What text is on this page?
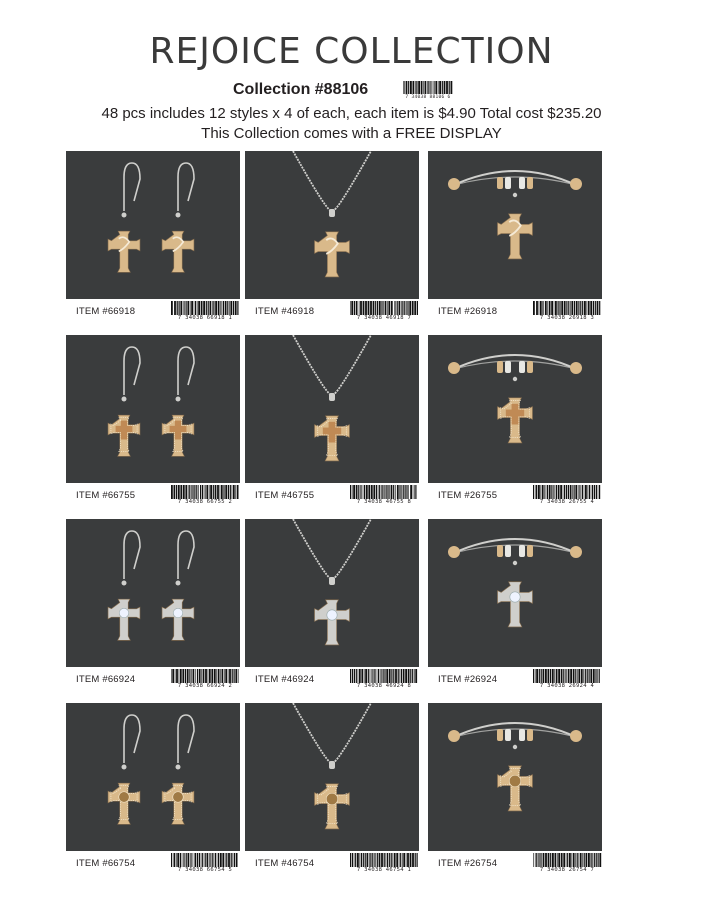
REJOICE COLLECTION
Collection #88106	7 34038 88106 6
48 pcs includes 12 styles x 4 of each, each item is $4.90 Total cost $235.20
This Collection comes with a FREE DISPLAY
ITEM #66918
7 34038 66918 1
ITEM #46918
7 34038 46918 7
ITEM #26918
7 34038 26918 3
ITEM #66755
7 34038 66755 2
ITEM #46755
7 34038 46755 8
ITEM #26755
7 34038 26755 4
ITEM #66924
7 34038 66924 2
ITEM #46924
7 34038 46924 8
ITEM #26924
7 34038 26924 4
ITEM #66754
7 34038 66754 5
ITEM #46754
7 34038 46754 1
ITEM #26754
7 34038 26754 7
